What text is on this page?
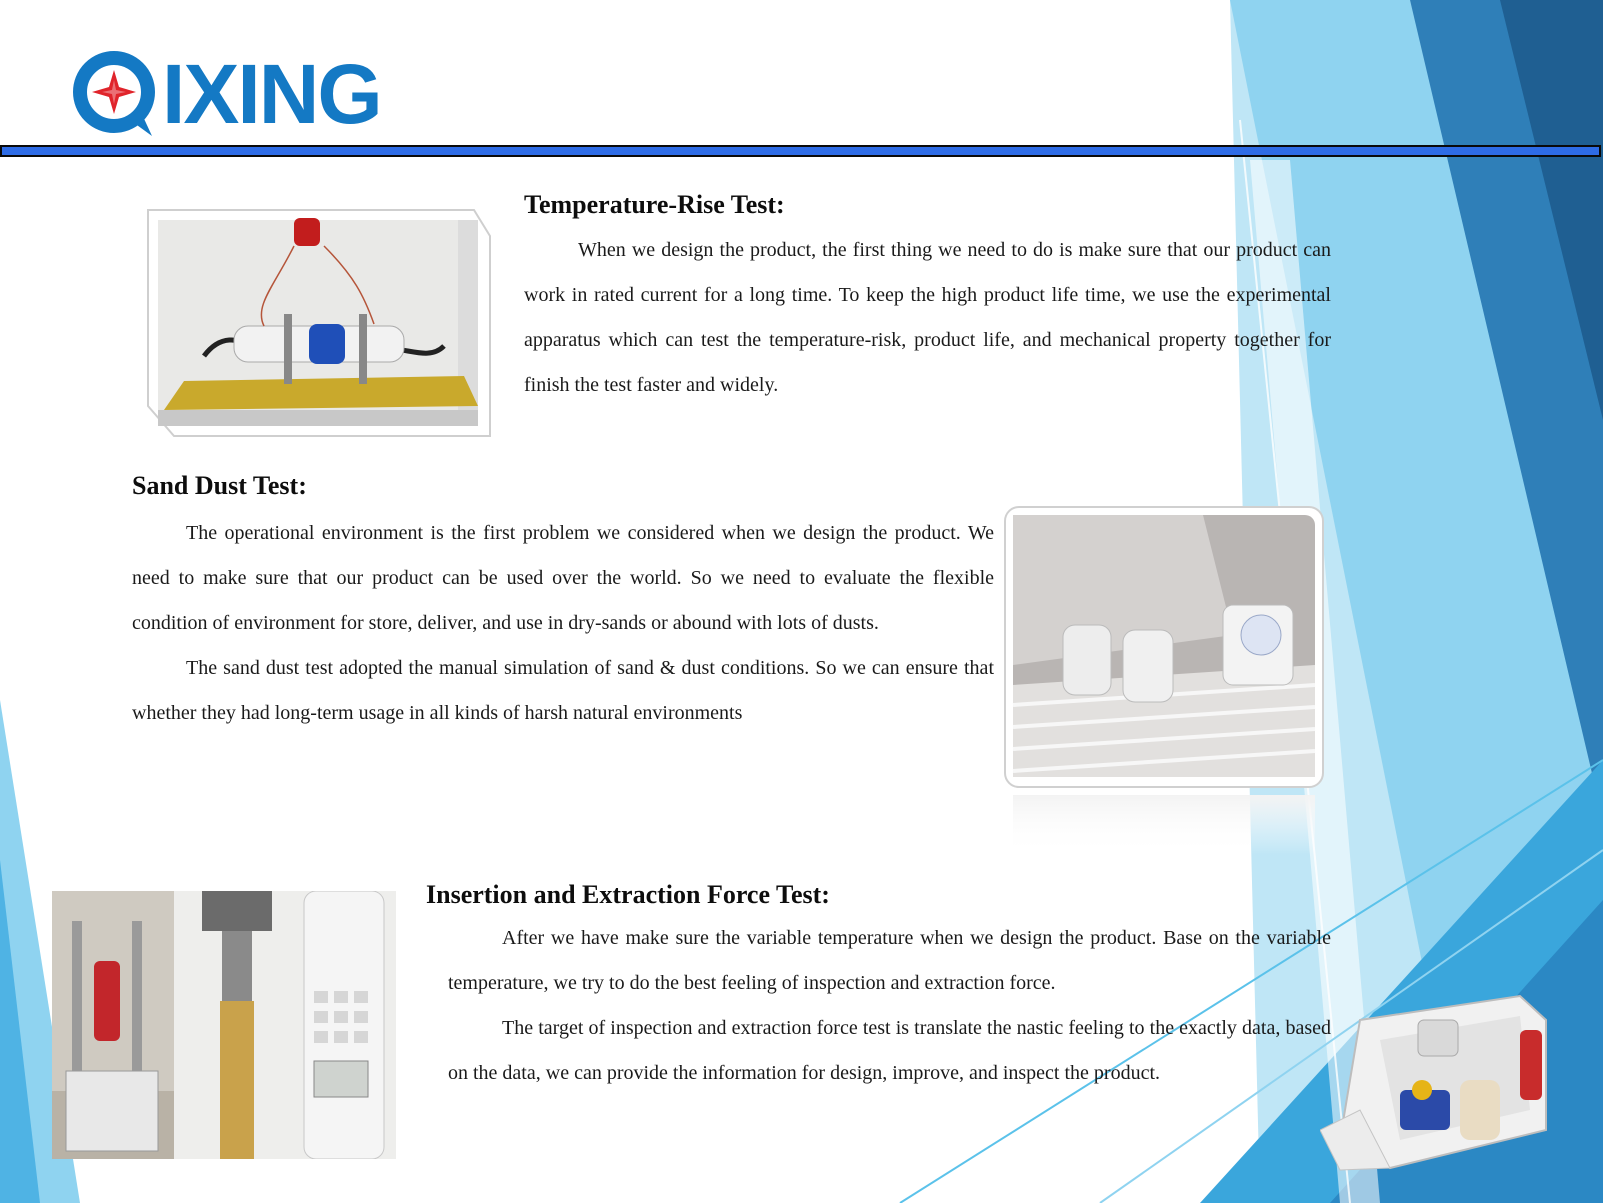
IXING
Temperature-Rise Test:
When we design the product, the first thing we need to do is make sure that our product can work in rated current for a long time. To keep the high product life time, we use the experimental apparatus which can test the temperature-risk, product life, and mechanical property together for finish the test faster and widely.
Sand Dust Test:
The operational environment is the first problem we considered when we design the product. We need to make sure that our product can be used over the world. So we need to evaluate the flexible condition of environment for store, deliver, and use in dry-sands or abound with lots of dusts.
The sand dust test adopted the manual simulation of sand & dust conditions. So we can ensure that whether they had long-term usage in all kinds of harsh natural environments
Insertion and Extraction Force Test:
After we have make sure the variable temperature when we design the product. Base on the variable temperature, we try to do the best feeling of inspection and extraction force.
The target of inspection and extraction force test is translate the nastic feeling to the exactly data, based on the data, we can provide the information for design, improve, and inspect the product.
